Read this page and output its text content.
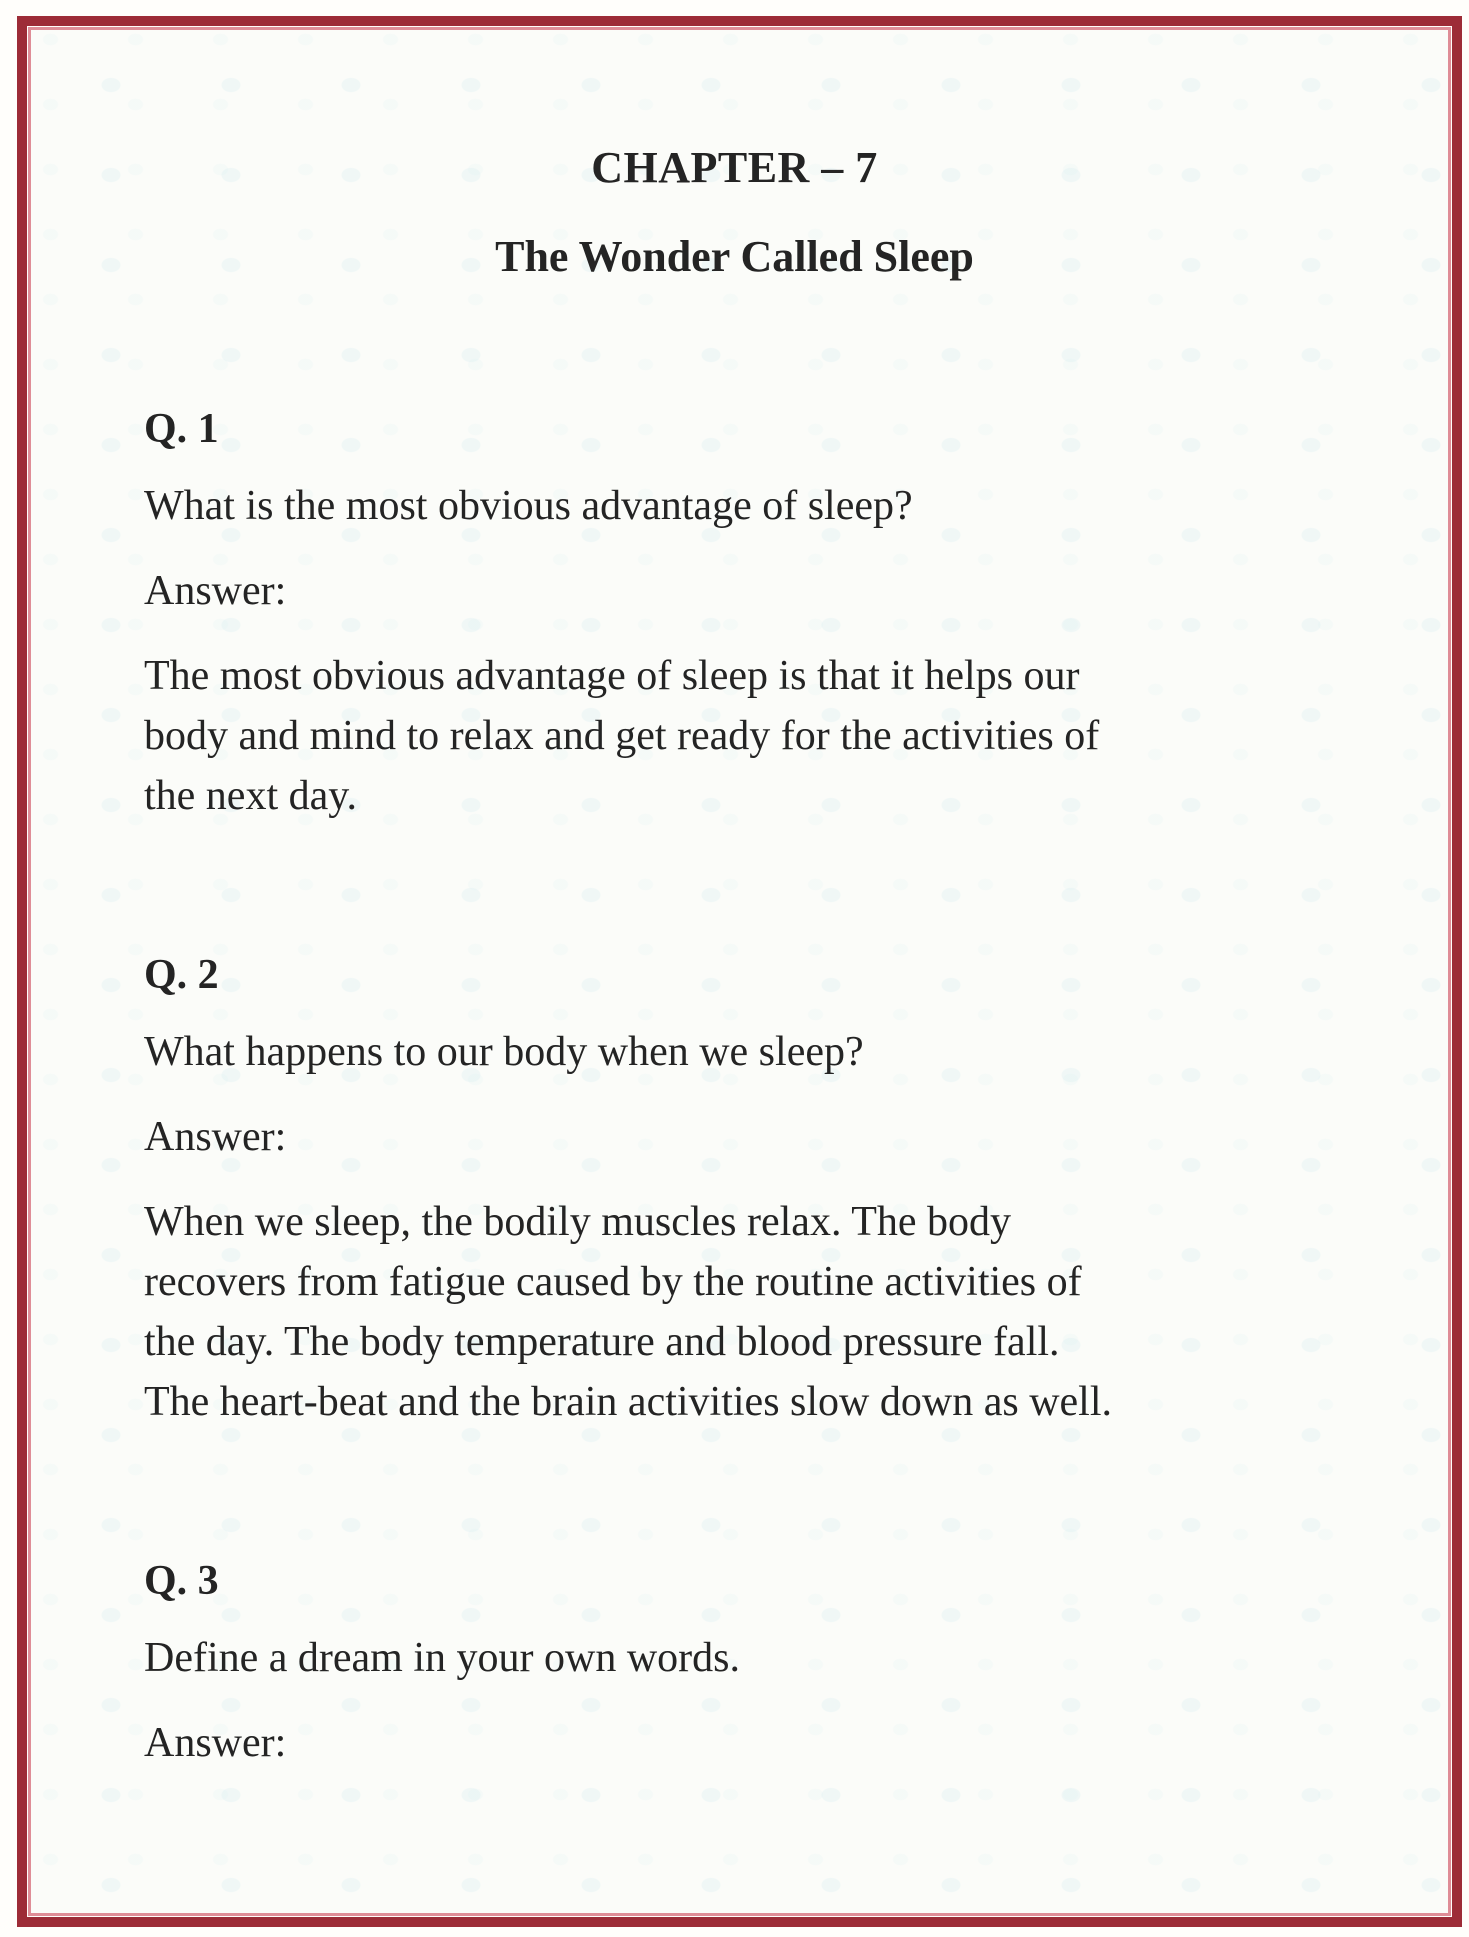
CHAPTER – 7
The Wonder Called Sleep
Q. 1
What is the most obvious advantage of sleep?
Answer:
The most obvious advantage of sleep is that it helps our
body and mind to relax and get ready for the activities of
the next day.
Q. 2
What happens to our body when we sleep?
Answer:
When we sleep, the bodily muscles relax. The body
recovers from fatigue caused by the routine activities of
the day. The body temperature and blood pressure fall.
The heart-beat and the brain activities slow down as well.
Q. 3
Define a dream in your own words.
Answer:
